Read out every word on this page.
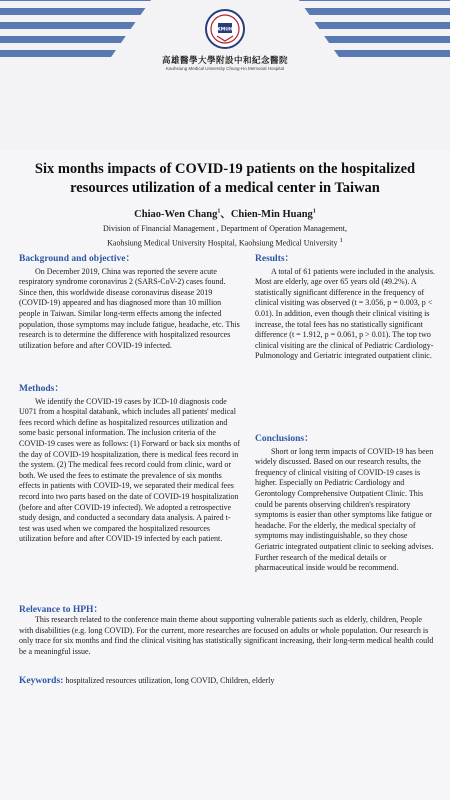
KMUH
高雄醫學大學附設中和紀念醫院
Kaohsiung Medical University Chung-Ho Memorial Hospital
Six months impacts of COVID-19 patients on the hospitalized resources utilization of a medical center in Taiwan
Chiao-Wen Chang$^1$、Chien-Min Huang$^1$
Division of Financial Management , Department of Operation Management,
Kaohsiung Medical University Hospital, Kaohsiung Medical University $^1$
Background and objective：

On December 2019, China was reported the severe acute respiratory syndrome coronavirus 2 (SARS-CoV-2) cases found. Since then, this worldwide disease coronavirus disease 2019 (COVID-19) appeared and has diagnosed more than 10 million people in Taiwan. Similar long-term effects among the infected population, those symptoms may include fatigue, headache, etc. This research is to determine the difference with hospitalized resources utilization before and after COVID-19 infected.

Methods：

We identify the COVID-19 cases by ICD-10 diagnosis code U071 from a hospital databank, which includes all patients' medical fees record which define as hospitalized resources utilization and some basic personal information. The inclusion criteria of the COVID-19 cases were as follows: (1) Forward or back six months of the day of COVID-19 hospitalization, there is medical fees record in the system. (2) The medical fees record could from clinic, ward or both. We used the fees to estimate the prevalence of six months effects in patients with COVID-19, we separated their medical fees record into two parts based on the date of COVID-19 hospitalization (before and after COVID-19 infected). We adopted a retrospective study design, and conducted a secondary data analysis. A paired t-test was used when we compared the hospitalized resources utilization before and after COVID-19 infected by each patient.

Results：

A total of 61 patients were included in the analysis. Most are elderly, age over 65 years old (49.2%). A statistically significant difference in the frequency of clinical visiting was observed (t = 3.056, p = 0.003, p < 0.01). In addition, even though their clinical visiting is increase, the total fees has no statistically significant difference (t = 1.912, p = 0.061, p > 0.01). The top two clinical visiting are the clinical of Pediatric Cardiology-Pulmonology and Geriatric integrated outpatient clinic.

Conclusions：

Short or long term impacts of COVID-19 has been widely discussed. Based on our research results, the frequency of clinical visiting of COVID-19 cases is higher. Especially on Pediatric Cardiology and Gerontology Comprehensive Outpatient Clinic. This could be parents observing children's respiratory symptoms is easier than other symptoms like fatigue or headache. For the elderly, the medical specialty of symptoms may indistinguishable, so they chose Geriatric integrated outpatient clinic to seeking advises. Further research of the medical details or pharmaceutical inside would be recommend.

Relevance to HPH：
This research related to the conference main theme about supporting vulnerable patients such as elderly, children, People with disabilities (e.g. long COVID). For the current, more researches are focused on adults or whole population. Our research is only trace for six months and find the clinical visiting has statistically significant increasing, their long-term medical health could be a meaningful issue.
Keywords: hospitalized resources utilization, long COVID, Children, elderly
